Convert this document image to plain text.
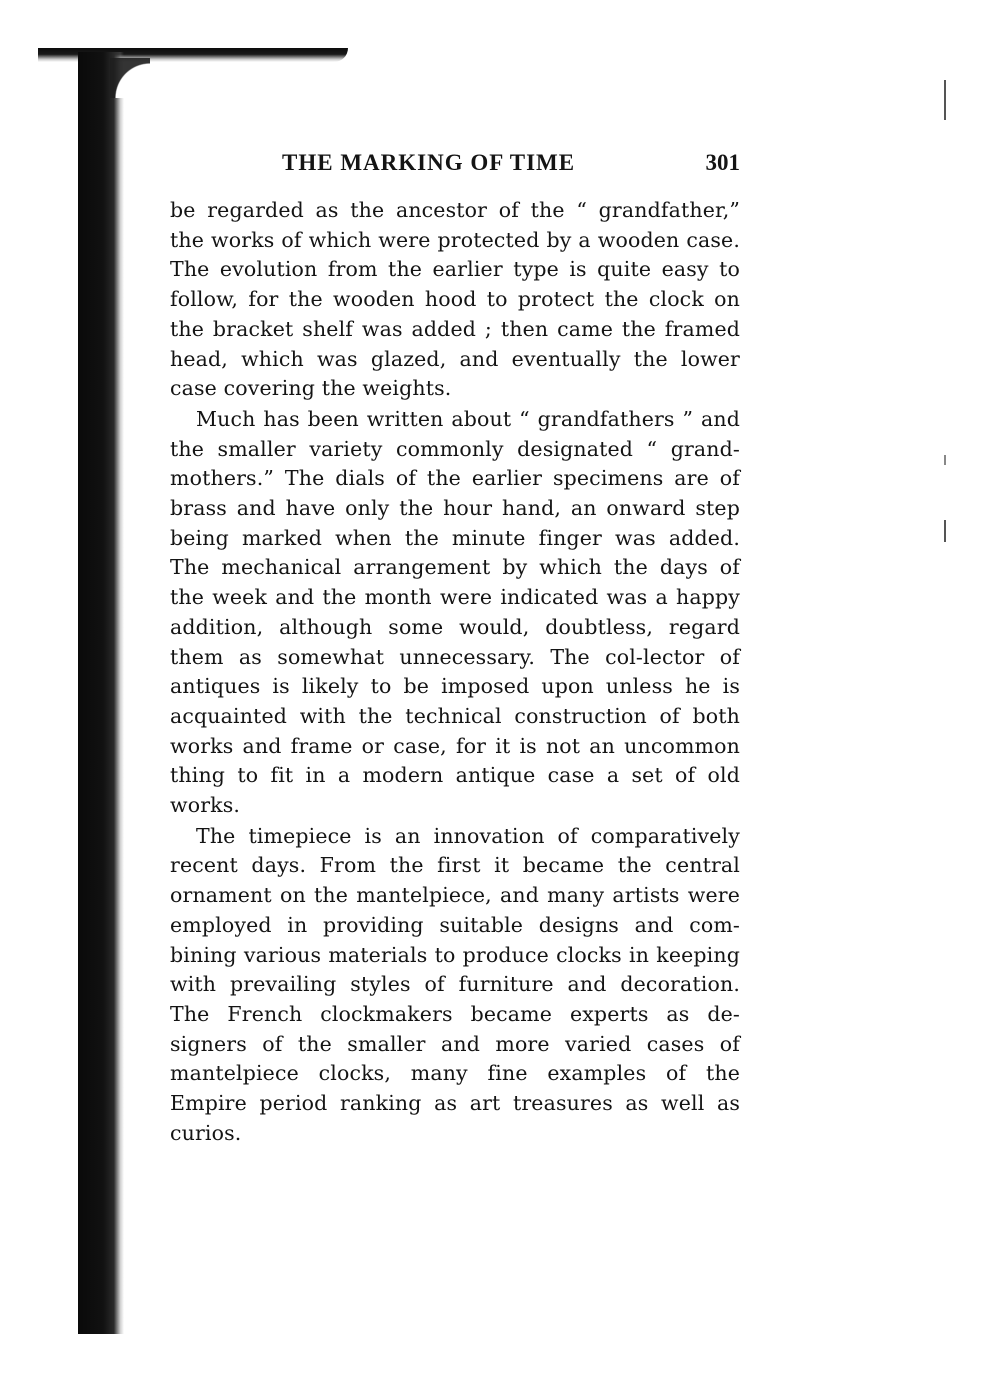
THE MARKING OF TIME	301

be regarded as the ancestor of the “ grandfather,” the works of which were protected by a wooden case. The evolution from the earlier type is quite easy to follow, for the wooden hood to protect the clock on the bracket shelf was added ; then came the framed head, which was glazed, and eventually the lower case covering the weights.

Much has been written about “ grandfathers ” and the smaller variety commonly designated “ grand-mothers.” The dials of the earlier specimens are of brass and have only the hour hand, an onward step being marked when the minute finger was added. The mechanical arrangement by which the days of the week and the month were indicated was a happy addition, although some would, doubtless, regard them as somewhat unnecessary. The col-lector of antiques is likely to be imposed upon unless he is acquainted with the technical construction of both works and frame or case, for it is not an uncommon thing to fit in a modern antique case a set of old works.

The timepiece is an innovation of comparatively recent days. From the first it became the central ornament on the mantelpiece, and many artists were employed in providing suitable designs and com-bining various materials to produce clocks in keeping with prevailing styles of furniture and decoration. The French clockmakers became experts as de-signers of the smaller and more varied cases of mantelpiece clocks, many fine examples of the Empire period ranking as art treasures as well as curios.
